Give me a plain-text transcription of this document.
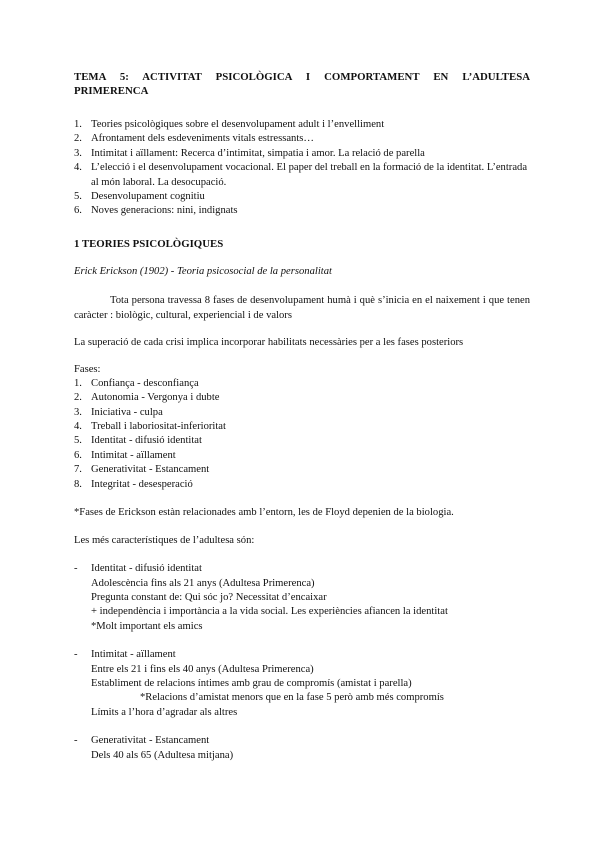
TEMA 5: ACTIVITAT PSICOLÒGICA I COMPORTAMENT EN L’ADULTESA
PRIMERENCA
1. Teories psicològiques sobre el desenvolupament adult i l’envelliment
2. Afrontament dels esdeveniments vitals estressants…
3. Intimitat i aïllament: Recerca d’intimitat, simpatia i amor. La relació de parella
4. L’elecció i el desenvolupament vocacional. El paper del treball en la formació de la identitat. L’entrada al món laboral. La desocupació.
5. Desenvolupament cognitiu
6. Noves generacions: nini, indignats
1 TEORIES PSICOLÒGIQUES
Erick Erickson (1902) - Teoria psicosocial de la personalitat
Tota persona travessa 8 fases de desenvolupament humà i què s’inicia en el naixement i que tenen caràcter : biològic, cultural, experiencial i de valors
La superació de cada crisi implica incorporar habilitats necessàries per a les fases posteriors
Fases:
1. Confiança - desconfiança
2. Autonomia - Vergonya i dubte
3. Iniciativa - culpa
4. Treball i laboriositat-inferioritat
5. Identitat - difusió identitat
6. Intimitat - aïllament
7. Generativitat - Estancament
8. Integritat - desesperació
*Fases de Erickson estàn relacionades amb l’entorn, les de Floyd depenien de la biologia.
Les més característiques de l’adultesa són:
- Identitat - difusió identitat
Adolescència fins als 21 anys (Adultesa Primerenca)
Pregunta constant de: Qui sóc jo? Necessitat d’encaixar
+ independència i importància a la vida social. Les experiències afiancen la identitat
*Molt important els amics
- Intimitat - aïllament
Entre els 21 i fins els 40 anys (Adultesa Primerenca)
Establiment de relacions íntimes amb grau de compromís (amistat i parella)
*Relacions d’amistat menors que en la fase 5 però amb més compromís
Límits a l’hora d’agradar als altres
- Generativitat - Estancament
Dels 40 als 65 (Adultesa mitjana)
